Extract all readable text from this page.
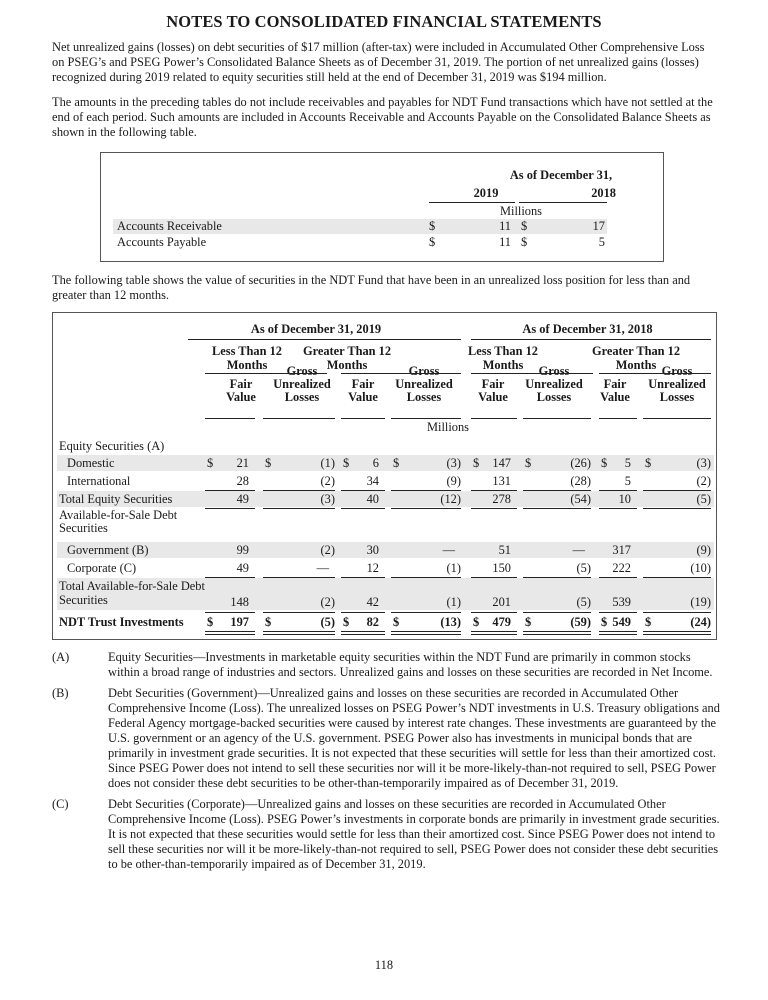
NOTES TO CONSOLIDATED FINANCIAL STATEMENTS

Net unrealized gains (losses) on debt securities of $17 million (after-tax) were included in Accumulated Other Comprehensive Loss on PSEG’s and PSEG Power’s Consolidated Balance Sheets as of December 31, 2019. The portion of net unrealized gains (losses) recognized during 2019 related to equity securities still held at the end of December 31, 2019 was $194 million.

The amounts in the preceding tables do not include receivables and payables for NDT Fund transactions which have not settled at the end of each period. Such amounts are included in Accounts Receivable and Accounts Payable on the Consolidated Balance Sheets as shown in the following table.

As of December 31,
2019	2018
Millions
Accounts Receivable	$	11 $	17
Accounts Payable	$	11 $	5

The following table shows the value of securities in the NDT Fund that have been in an unrealized loss position for less than and greater than 12 months.

As of December 31, 2019	As of December 31, 2018
Less Than 12
Months
Greater Than 12
Months
Less Than 12
Months
Greater Than 12
Months
Fair
Value
Gross
Unrealized
Losses
Fair
Value
Gross
Unrealized
Losses
Fair
Value
Gross
Unrealized
Losses
Fair
Value
Gross
Unrealized
Losses
Millions
Equity Securities (A)
Available-for-Sale Debt
Securities
Domestic	$	21 $	(1) $	6 $	(3) $	147 $	(26) $	5 $	(3)
International	28	(2)	34	(9)	131	(28)	5	(2)
Total Equity Securities	49	(3)	40	(12)	278	(54)	10	(5)
Government (B)	99	(2)	30	—	51	—	317	(9)
Corporate (C)	49	—	12	(1)	150	(5)	222	(10)
Total Available-for-Sale Debt
Securities	148	(2)	42	(1)	201	(5)	539	(19)
NDT Trust Investments $	197 $	(5) $	82 $	(13) $	479 $	(59) $ 549 $	(24)
(A)	Equity Securities—Investments in marketable equity securities within the NDT Fund are primarily in common stocks within a broad range of industries and sectors. Unrealized gains and losses on these securities are recorded in Net Income.
(B)	Debt Securities (Government)—Unrealized gains and losses on these securities are recorded in Accumulated Other Comprehensive Income (Loss). The unrealized losses on PSEG Power’s NDT investments in U.S. Treasury obligations and Federal Agency mortgage-backed securities were caused by interest rate changes. These investments are guaranteed by the U.S. government or an agency of the U.S. government. PSEG Power also has investments in municipal bonds that are primarily in investment grade securities. It is not expected that these securities will settle for less than their amortized cost. Since PSEG Power does not intend to sell these securities nor will it be more-likely-than-not required to sell, PSEG Power does not consider these debt securities to be other-than-temporarily impaired as of December 31, 2019.
(C)	Debt Securities (Corporate)—Unrealized gains and losses on these securities are recorded in Accumulated Other Comprehensive Income (Loss). PSEG Power’s investments in corporate bonds are primarily in investment grade securities. It is not expected that these securities would settle for less than their amortized cost. Since PSEG Power does not intend to sell these securities nor will it be more-likely-than-not required to sell, PSEG Power does not consider these debt securities to be other-than-temporarily impaired as of December 31, 2019.
118
